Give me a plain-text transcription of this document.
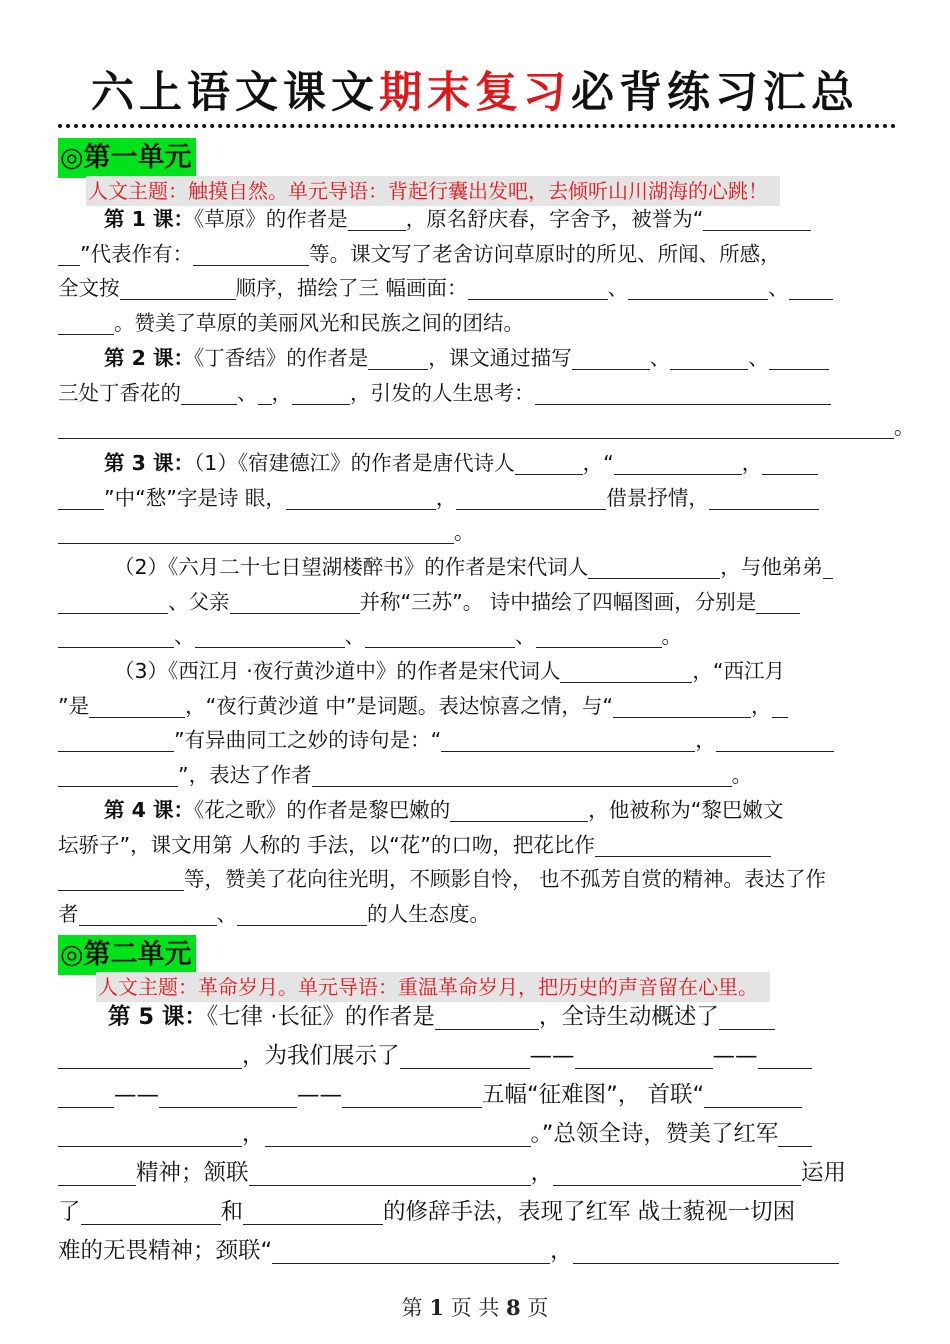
六上语文课文期末复习必背练习汇总
◎第一单元
人文主题：触摸自然。单元导语：背起行囊出发吧，去倾听山川湖海的心跳！
第 1 课：《草原》的作者是	，原名舒庆春，字舍予，被誉为“
”代表作有：	等。课文写了老舍访问草原时的所见、所闻、所感，
全文按	顺序，描绘了三 幅画面：	、	、
。赞美了草原的美丽风光和民族之间的团结。
第 2 课：《丁香结》的作者是	，课文通过描写	、	、
三处丁香花的	、 ，	，引发的人生思考：
。
第 3 课：（1）《宿建德江》的作者是唐代诗人	，“	，
”中“愁”字是诗 眼，	，	借景抒情，
。
（2）《六月二十七日望湖楼醉书》的作者是宋代词人	，与他弟弟
、父亲	并称“三苏”。 诗中描绘了四幅图画，分别是
、	、	、	。
（3）《西江月 ·夜行黄沙道中》的作者是宋代词人	，“西江月
”是	，“夜行黄沙道 中”是词题。表达惊喜之情，与“	，
”有异曲同工之妙的诗句是：“	，
”，表达了作者	。
第 4 课：《花之歌》的作者是黎巴嫩的	，他被称为“黎巴嫩文
坛骄子”，课文用第 人称的 手法，以“花”的口吻，把花比作
等，赞美了花向往光明，不顾影自怜， 也不孤芳自赏的精神。表达了作
者	、	的人生态度。
◎第二单元
人文主题：革命岁月。单元导语：重温革命岁月，把历史的声音留在心里。
第 5 课：《七律 ·长征》的作者是	，全诗生动概述了
，为我们展示了	——	——
——	——	五幅“征难图”， 首联“
，	。”总领全诗，赞美了红军
精神；颔联	，	运用
了	和	的修辞手法，表现了红军 战士藐视一切困
难的无畏精神；颈联“	，
第 1 页 共 8 页
